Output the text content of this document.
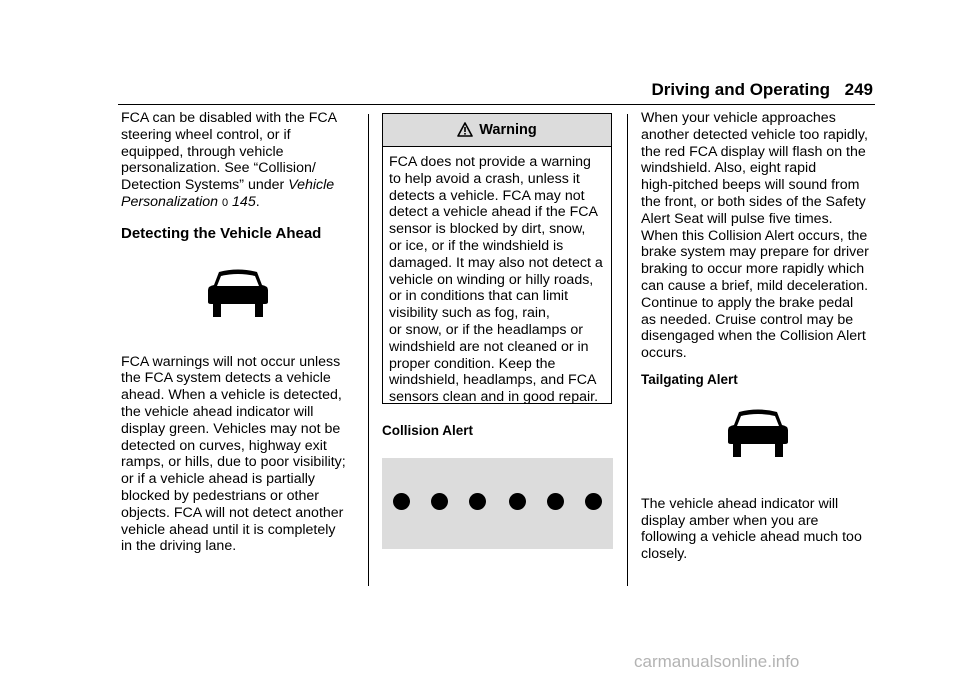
Driving and Operating 249

FCA can be disabled with the FCA
steering wheel control, or if
equipped, through vehicle
personalization. See “Collision/
Detection Systems” under Vehicle
Personalization 0 145.

Detecting the Vehicle Ahead

FCA warnings will not occur unless
the FCA system detects a vehicle
ahead. When a vehicle is detected,
the vehicle ahead indicator will
display green. Vehicles may not be
detected on curves, highway exit
ramps, or hills, due to poor visibility;
or if a vehicle ahead is partially
blocked by pedestrians or other
objects. FCA will not detect another
vehicle ahead until it is completely
in the driving lane.

Warning
FCA does not provide a warning
to help avoid a crash, unless it
detects a vehicle. FCA may not
detect a vehicle ahead if the FCA
sensor is blocked by dirt, snow,
or ice, or if the windshield is
damaged. It may also not detect a
vehicle on winding or hilly roads,
or in conditions that can limit
visibility such as fog, rain,
or snow, or if the headlamps or
windshield are not cleaned or in
proper condition. Keep the
windshield, headlamps, and FCA
sensors clean and in good repair.
Collision Alert

When your vehicle approaches
another detected vehicle too rapidly,
the red FCA display will flash on the
windshield. Also, eight rapid
high-pitched beeps will sound from
the front, or both sides of the Safety
Alert Seat will pulse five times.
When this Collision Alert occurs, the
brake system may prepare for driver
braking to occur more rapidly which
can cause a brief, mild deceleration.
Continue to apply the brake pedal
as needed. Cruise control may be
disengaged when the Collision Alert
occurs.

Tailgating Alert

The vehicle ahead indicator will
display amber when you are
following a vehicle ahead much too
closely.

carmanualsonline.info
